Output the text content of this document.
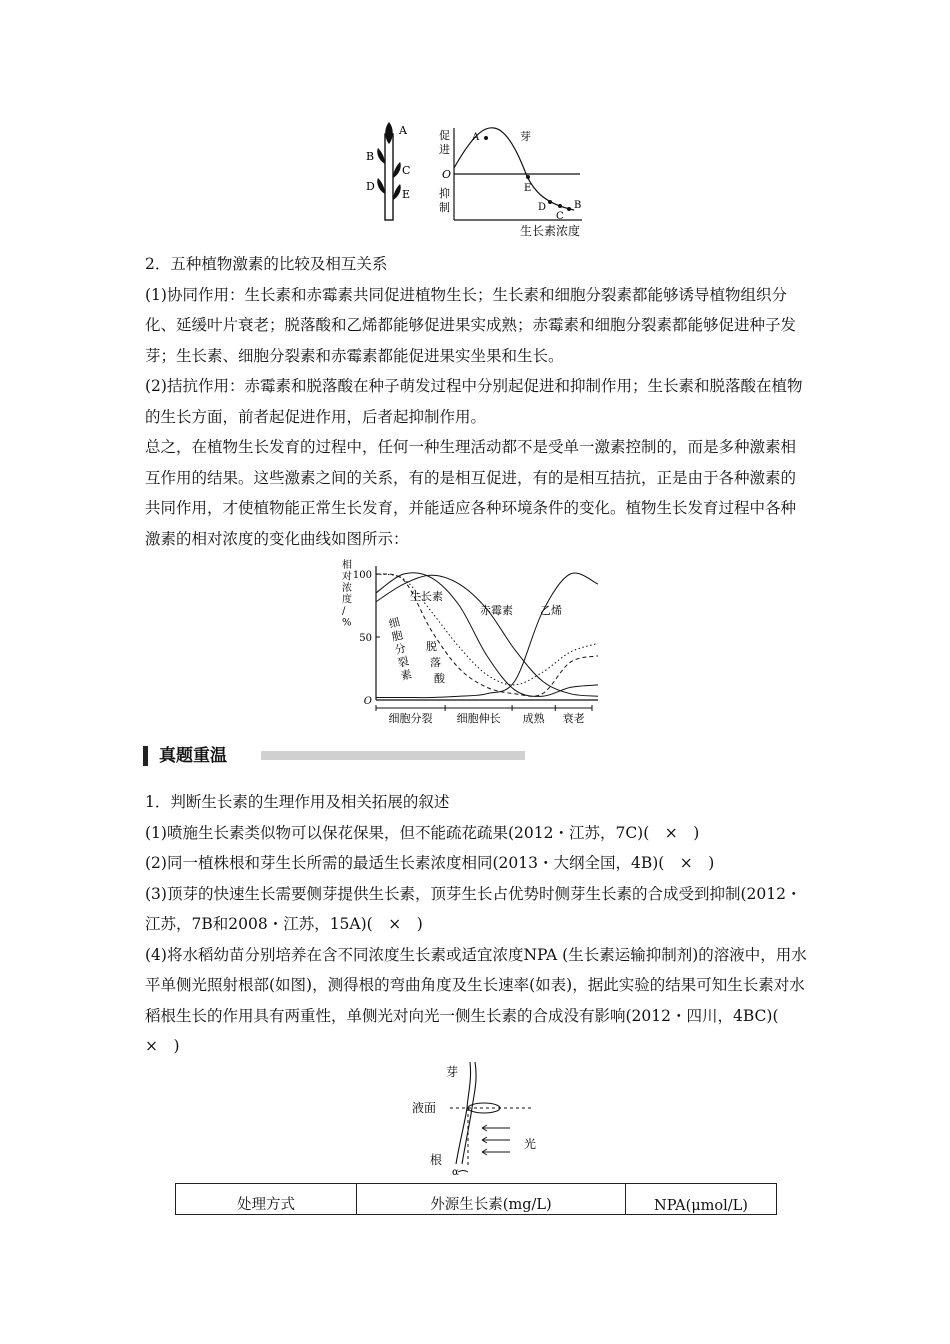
A
B
C
D
E
促
进
抑
制
O
芽
A
E
D
C
B
生长素浓度

2．五种植物激素的比较及相互关系

(1)协同作用：生长素和赤霉素共同促进植物生长；生长素和细胞分裂素都能够诱导植物组织分化、延缓叶片衰老；脱落酸和乙烯都能够促进果实成熟；赤霉素和细胞分裂素都能够促进种子发芽；生长素、细胞分裂素和赤霉素都能促进果实坐果和生长。

(2)拮抗作用：赤霉素和脱落酸在种子萌发过程中分别起促进和抑制作用；生长素和脱落酸在植物的生长方面，前者起促进作用，后者起抑制作用。

总之，在植物生长发育的过程中，任何一种生理活动都不是受单一激素控制的，而是多种激素相互作用的结果。这些激素之间的关系，有的是相互促进，有的是相互拮抗，正是由于各种激素的共同作用，才使植物能正常生长发育，并能适应各种环境条件的变化。植物生长发育过程中各种激素的相对浓度的变化曲线如图所示：

100
50
O
相
对
浓
度
/
%
细胞分裂 细胞伸长 成熟 衰老
生长素
赤霉素 乙烯
细
胞
分
裂
素
脱
落
酸
真题重温

1．判断生长素的生理作用及相关拓展的叙述

(1)喷施生长素类似物可以保花保果，但不能疏花疏果(2012・江苏，7C)(　×　)

(2)同一植株根和芽生长所需的最适生长素浓度相同(2013・大纲全国，4B)(　×　)

(3)顶芽的快速生长需要侧芽提供生长素，顶芽生长占优势时侧芽生长素的合成受到抑制(2012・江苏，7B和2008・江苏，15A)(　×　)

(4)将水稻幼苗分别培养在含不同浓度生长素或适宜浓度NPA (生长素运输抑制剂)的溶液中，用水平单侧光照射根部(如图)，测得根的弯曲角度及生长速率(如表)，据此实验的结果可知生长素对水稻根生长的作用具有两重性，单侧光对向光一侧生长素的合成没有影响(2012・四川，4BC)(　×　)

芽
液面
光
根
α
处理方式	外源生长素(mg/L)	NPA(μmol/L)
